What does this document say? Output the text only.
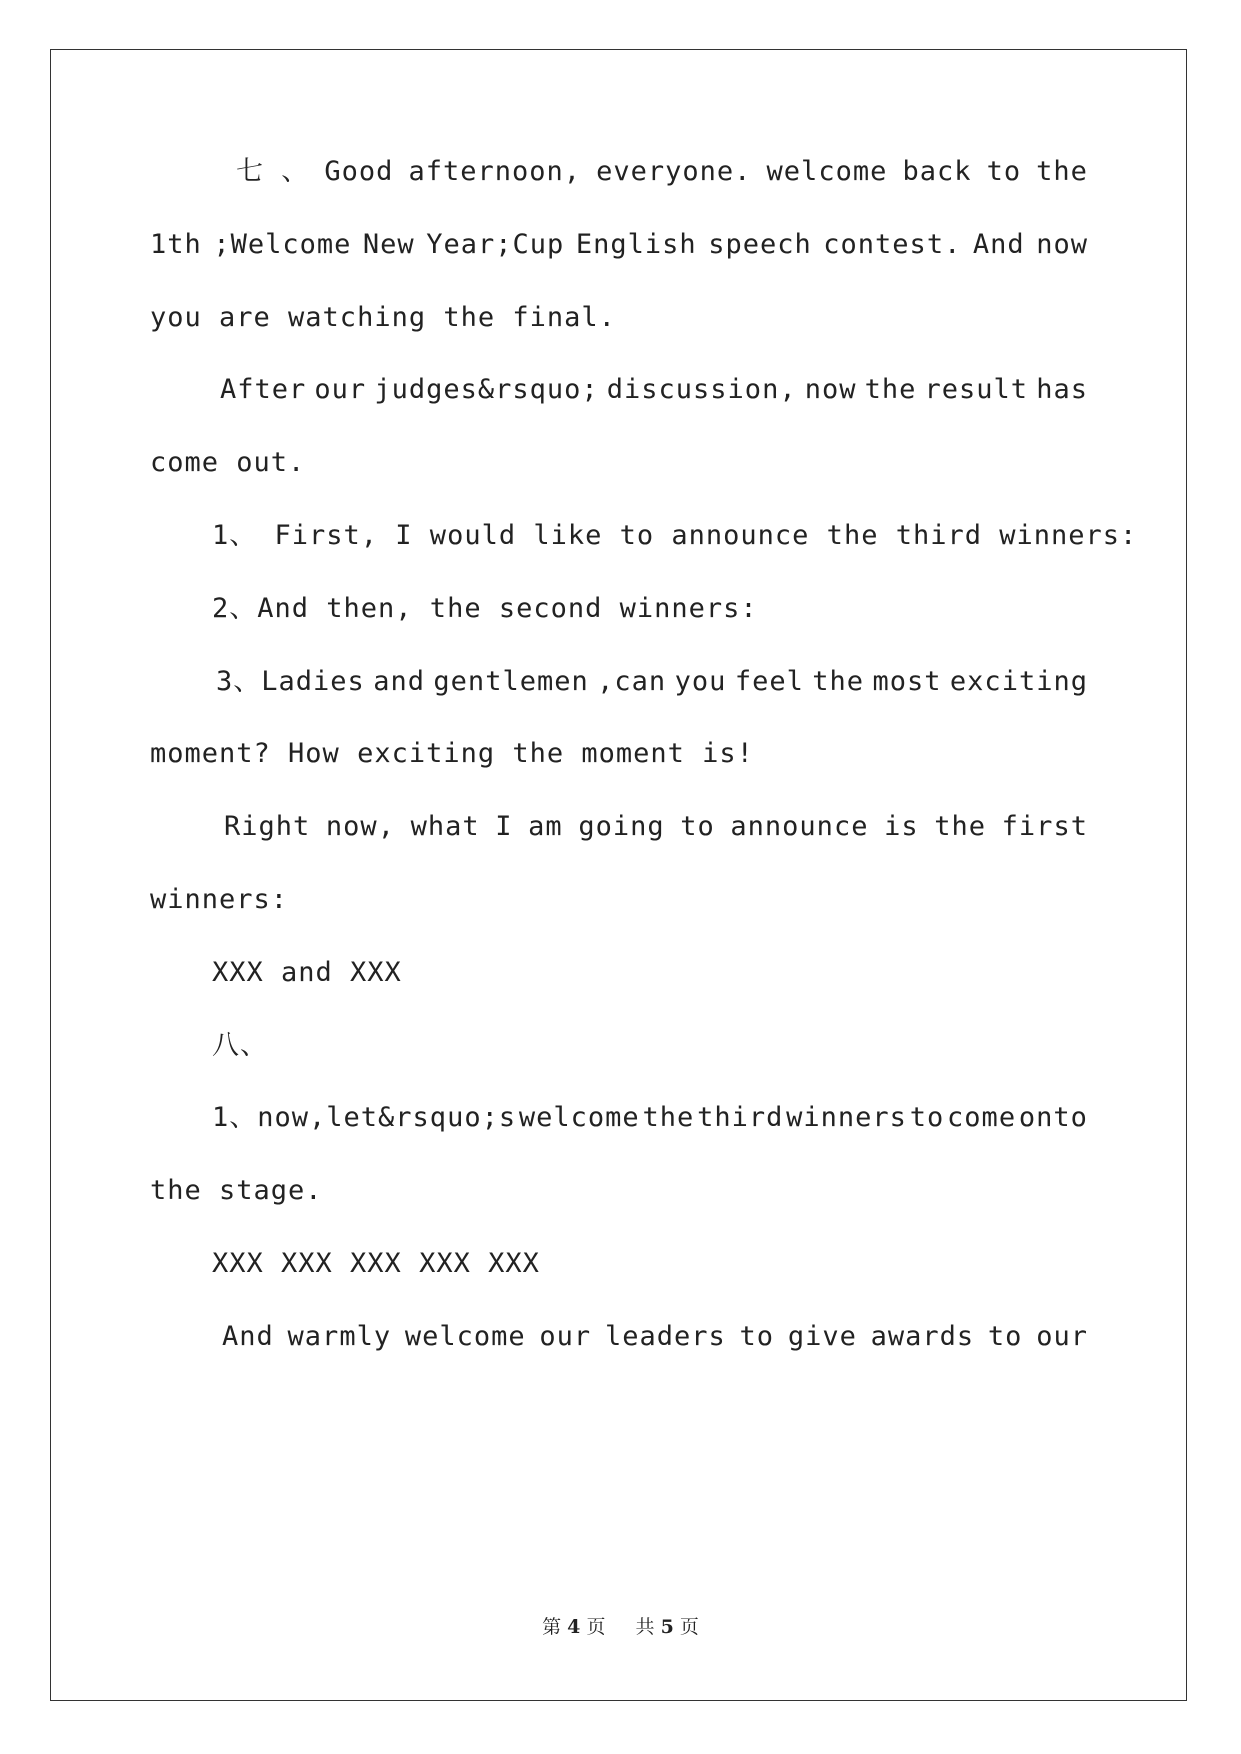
七 、 Good afternoon, everyone. welcome back to the
1th ;Welcome New Year;Cup English speech contest. And now
you are watching the final.
After our judges&rsquo; discussion, now the result has
come out.
1、 First, I would like to announce the third winners:
2、And then, the second winners:
3、Ladies and gentlemen ,can you feel the most exciting
moment? How exciting the moment is!
Right now, what I am going to announce is the first
winners:
XXX and XXX
八、
1、now,let&rsquo;s welcome the third winners to come onto
the stage.
XXX XXX XXX XXX XXX
And warmly welcome our leaders to give awards to our
第 4 页 共 5 页
